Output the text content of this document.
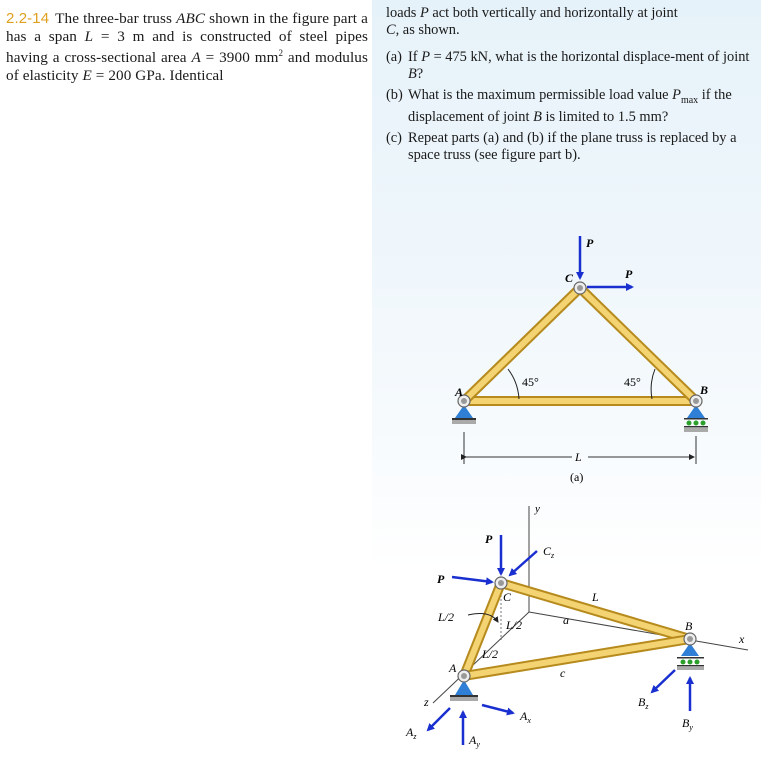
2.2-14 The three-bar truss ABC shown in the figure part a has a span L = 3 m and is constructed of steel pipes having a cross-sectional area A = 3900 $mm^2$ and modulus of elasticity E = 200 GPa. Identical

loads P act both vertically and horizontally at joint
C, as shown.

(a) If P = 475 kN, what is the horizontal displace-ment of joint B?
(b) What is the maximum permissible load value $P_{max}$ if the displacement of joint B is limited to 1.5 mm?
(c) Repeat parts (a) and (b) if the plane truss is replaced by a space truss (see figure part b).
P
P
C
A	B
45°	45°
L
(a)
y
P
P
$C_z$
C	L
L/2
L/2
L/2
a
c
A
B
x
z
$A_x$
$A_y$
$A_z$
$B_z$
$B_y$
